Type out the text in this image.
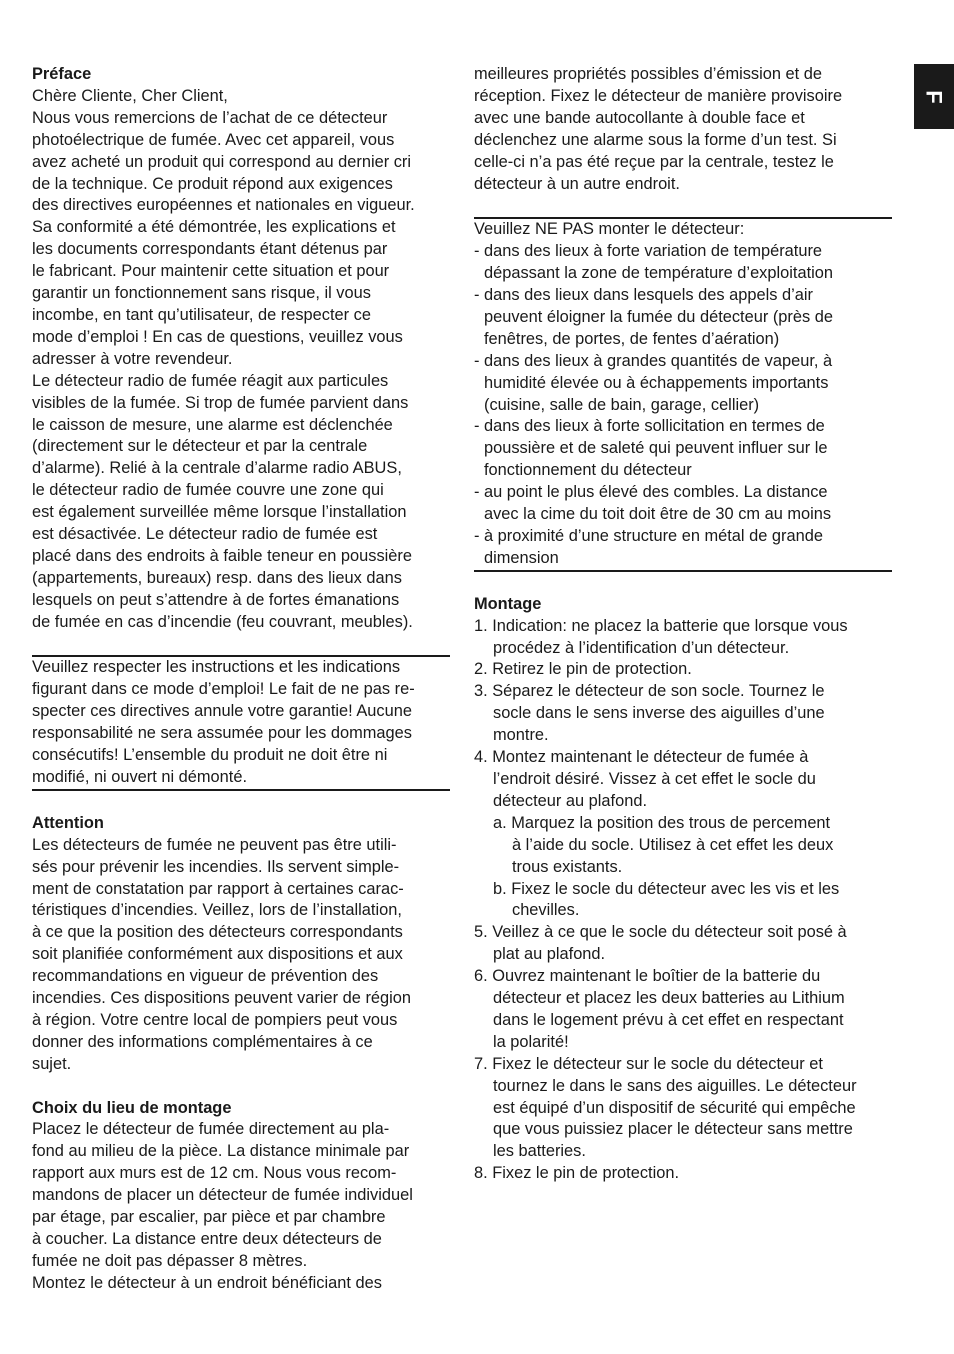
Préface
Chère Cliente, Cher Client,
Nous vous remercions de l’achat de ce détecteur
photoélectrique de fumée. Avec cet appareil, vous
avez acheté un produit qui correspond au dernier cri
de la technique. Ce produit répond aux exigences
des directives européennes et nationales en vigueur.
Sa conformité a été démontrée, les explications et
les documents correspondants étant détenus par
le fabricant. Pour maintenir cette situation et pour
garantir un fonctionnement sans risque, il vous
incombe, en tant qu’utilisateur, de respecter ce
mode d’emploi ! En cas de questions, veuillez vous
adresser à votre revendeur.
Le détecteur radio de fumée réagit aux particules
visibles de la fumée. Si trop de fumée parvient dans
le caisson de mesure, une alarme est déclenchée
(directement sur le détecteur et par la centrale
d’alarme). Relié à la centrale d’alarme radio ABUS,
le détecteur radio de fumée couvre une zone qui
est également surveillée même lorsque l’installation
est désactivée. Le détecteur radio de fumée est
placé dans des endroits à faible teneur en poussière
(appartements, bureaux) resp. dans des lieux dans
lesquels on peut s’attendre à de fortes émanations
de fumée en cas d’incendie (feu couvrant, meubles).
Veuillez respecter les instructions et les indications
figurant dans ce mode d’emploi! Le fait de ne pas re-
specter ces directives annule votre garantie! Aucune
responsabilité ne sera assumée pour les dommages
consécutifs! L’ensemble du produit ne doit être ni
modifié, ni ouvert ni démonté.
Attention
Les détecteurs de fumée ne peuvent pas être utili-
sés pour prévenir les incendies. Ils servent simple-
ment de constatation par rapport à certaines carac-
téristiques d’incendies. Veillez, lors de l’installation,
à ce que la position des détecteurs correspondants
soit planifiée conformément aux dispositions et aux
recommandations en vigueur de prévention des
incendies. Ces dispositions peuvent varier de région
à région. Votre centre local de pompiers peut vous
donner des informations complémentaires à ce
sujet.
Choix du lieu de montage
Placez le détecteur de fumée directement au pla-
fond au milieu de la pièce. La distance minimale par
rapport aux murs est de 12 cm. Nous vous recom-
mandons de placer un détecteur de fumée individuel
par étage, par escalier, par pièce et par chambre
à coucher. La distance entre deux détecteurs de
fumée ne doit pas dépasser 8 mètres.
Montez le détecteur à un endroit bénéficiant des
meilleures propriétés possibles d’émission et de
réception. Fixez le détecteur de manière provisoire
avec une bande autocollante à double face et
déclenchez une alarme sous la forme d’un test. Si
celle-ci n’a pas été reçue par la centrale, testez le
détecteur à un autre endroit.
Veuillez NE PAS monter le détecteur:
- dans des lieux à forte variation de température
dépassant la zone de température d’exploitation
- dans des lieux dans lesquels des appels d’air
peuvent éloigner la fumée du détecteur (près de
fenêtres, de portes, de fentes d’aération)
- dans des lieux à grandes quantités de vapeur, à
humidité élevée ou à échappements importants
(cuisine, salle de bain, garage, cellier)
- dans des lieux à forte sollicitation en termes de
poussière et de saleté qui peuvent influer sur le
fonctionnement du détecteur
- au point le plus élevé des combles. La distance
avec la cime du toit doit être de 30 cm au moins
- à proximité d’une structure en métal de grande
dimension
Montage
1. Indication: ne placez la batterie que lorsque vous
procédez à l’identification d’un détecteur.
2. Retirez le pin de protection.
3. Séparez le détecteur de son socle. Tournez le
socle dans le sens inverse des aiguilles d’une
montre.
4. Montez maintenant le détecteur de fumée à
l’endroit désiré. Vissez à cet effet le socle du
détecteur au plafond.
a. Marquez la position des trous de percement
à l’aide du socle. Utilisez à cet effet les deux
trous existants.
b. Fixez le socle du détecteur avec les vis et les
chevilles.
5. Veillez à ce que le socle du détecteur soit posé à
plat au plafond.
6. Ouvrez maintenant le boîtier de la batterie du
détecteur et placez les deux batteries au Lithium
dans le logement prévu à cet effet en respectant
la polarité!
7. Fixez le détecteur sur le socle du détecteur et
tournez le dans le sans des aiguilles. Le détecteur
est équipé d’un dispositif de sécurité qui empêche
que vous puissiez placer le détecteur sans mettre
les batteries.
8. Fixez le pin de protection.
F
